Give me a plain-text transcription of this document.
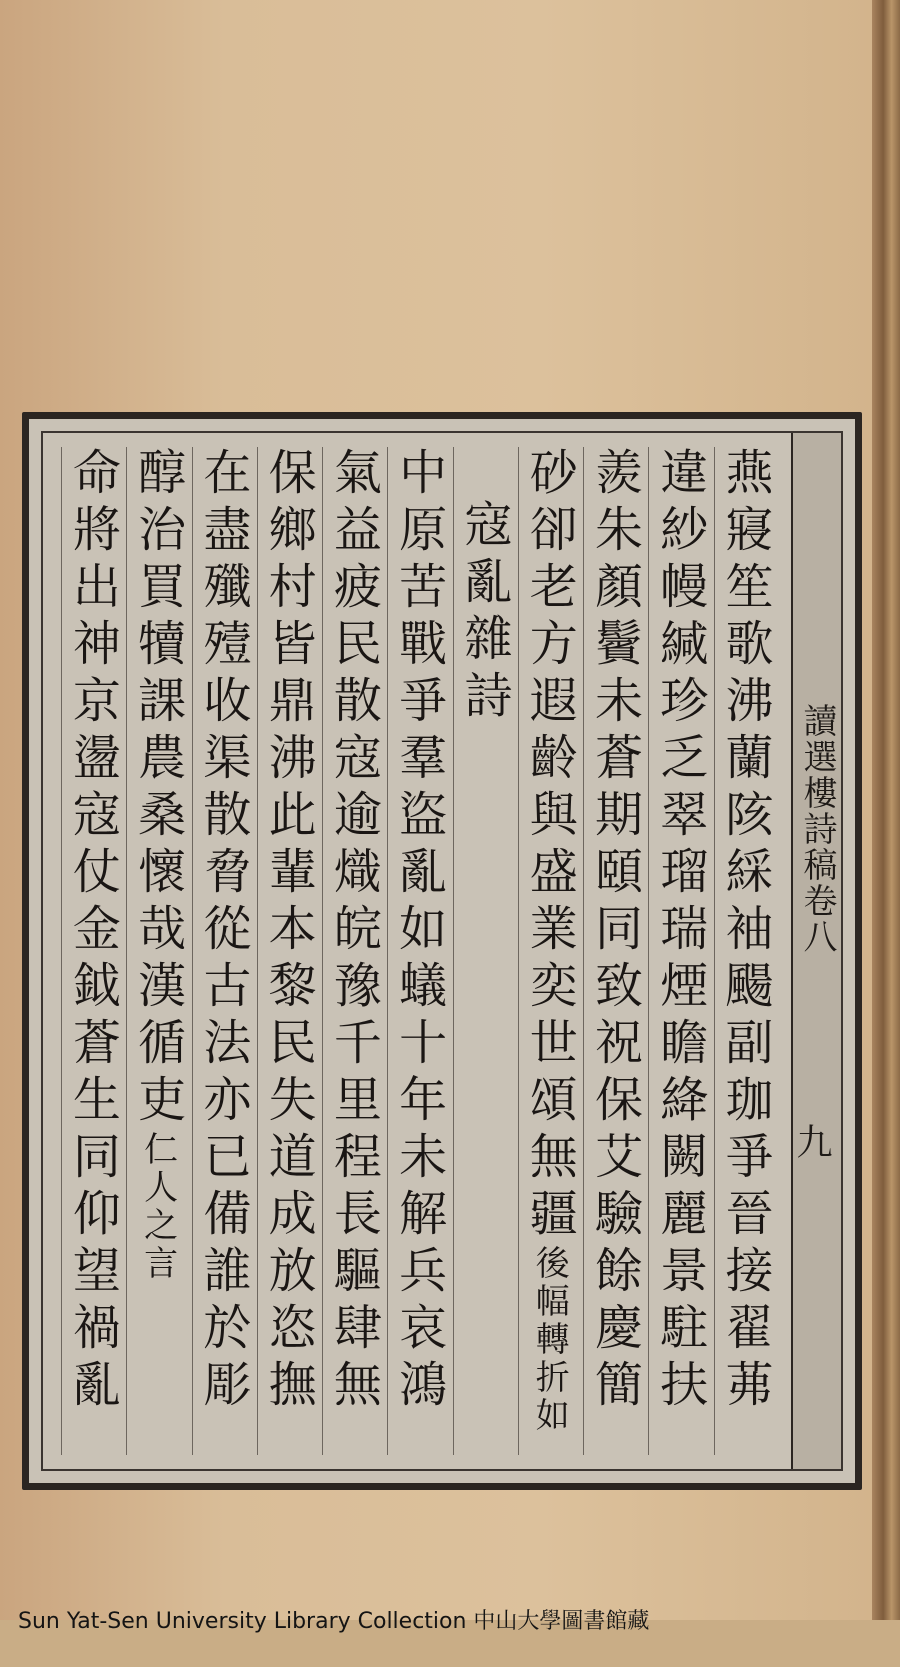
讀選樓詩稿卷八
九
燕寢笙歌沸蘭陔綵袖颺副珈爭晉接翟茀
違紗幔緘珍乏翠瑠瑞煙瞻絳闕麗景駐扶
羨朱顏鬢未蒼期頤同致祝保艾驗餘慶簡
砂卻老方遐齡與盛業奕世頌無疆後幅轉折如
寇亂雜詩
中原苦戰爭羣盜亂如蟻十年未解兵哀鴻
氣益疲民散寇逾熾皖豫千里程長驅肆無
保鄉村皆鼎沸此輩本黎民失道成放恣撫
在盡殲殪收渠散脅從古法亦已備誰於彫
醇治買犢課農桑懷哉漢循吏仁人之言
命將出神京盪寇仗金鉞蒼生同仰望禍亂
Sun Yat-Sen University Library Collection 中山大學圖書館藏
